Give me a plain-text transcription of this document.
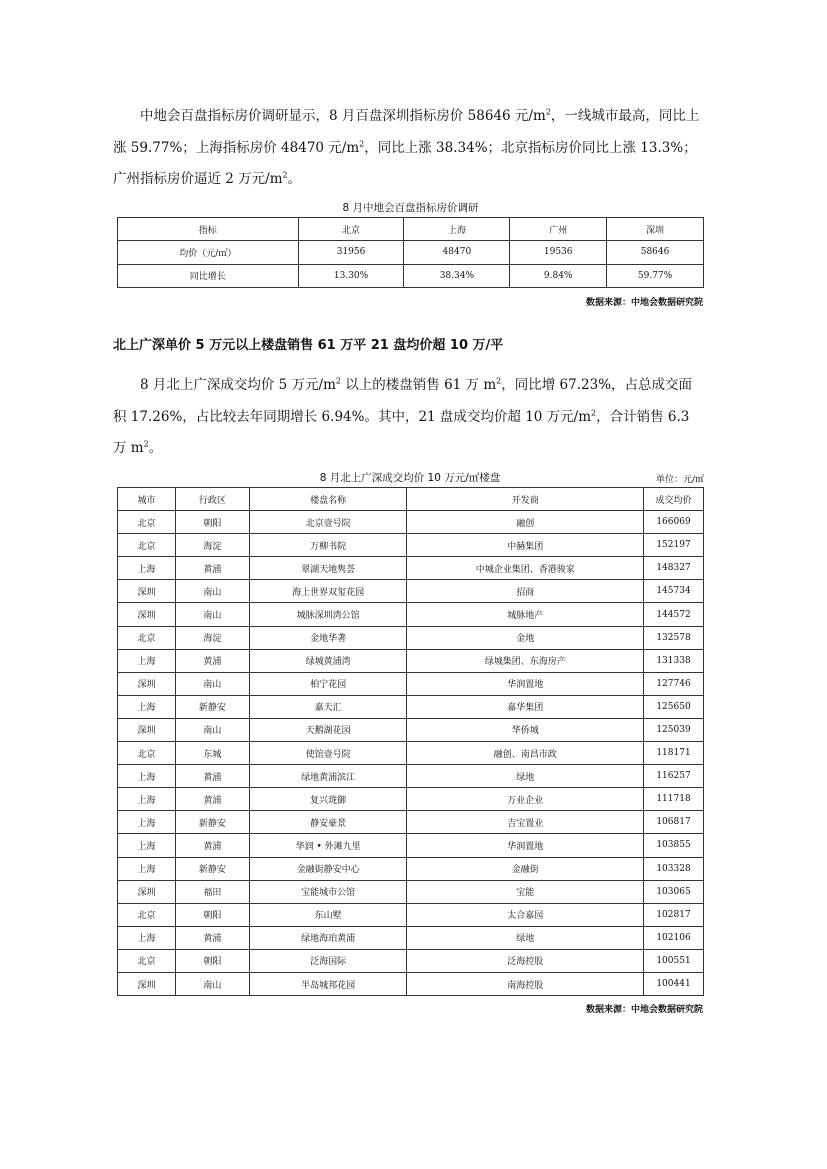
中地会百盘指标房价调研显示，8 月百盘深圳指标房价 58646 元$/m^2$，一线城市最高，同比上涨 59.77%；上海指标房价 48470 元$/m^2$，同比上涨 38.34%；北京指标房价同比上涨 13.3%；广州指标房价逼近 2 万元$/m^2$。

8 月中地会百盘指标房价调研
指标	北京	上海	广州	深圳
均价（元/㎡）	31956	48470	19536	58646
同比增长	13.30%	38.34%	9.84%	59.77%
数据来源：中地会数据研究院
北上广深单价 5 万元以上楼盘销售 61 万平 21 盘均价超 10 万/平

8 月北上广深成交均价 5 万元$/m^2$ 以上的楼盘销售 61 万 $m^2$，同比增 67.23%，占总成交面积 17.26%，占比较去年同期增长 6.94%。其中，21 盘成交均价超 10 万元$/m^2$，合计销售 6.3 万 $m^2$。

8 月北上广深成交均价 10 万元/㎡楼盘	单位：元/㎡
城市	行政区	楼盘名称	开发商	成交均价
北京	朝阳	北京壹号院	融创	166069
北京	海淀	万柳书院	中赫集团	152197
上海	黄浦	翠湖天地隽荟	中城企业集团、香港骏家	148327
深圳	南山	海上世界双玺花园	招商	145734
深圳	南山	城脉深圳湾公馆	城脉地产	144572
北京	海淀	金地华著	金地	132578
上海	黄浦	绿城黄浦湾	绿城集团、东海房产	131338
深圳	南山	柏宁花园	华润置地	127746
上海	新静安	嘉天汇	嘉华集团	125650
深圳	南山	天鹅湖花园	华侨城	125039
北京	东城	使馆壹号院	融创、南昌市政	118171
上海	黄浦	绿地黄浦滨江	绿地	116257
上海	黄浦	复兴珑御	万业企业	111718
上海	新静安	静安豪景	吉宝置业	106817
上海	黄浦	华润 • 外滩九里	华润置地	103855
上海	新静安	金融街静安中心	金融街	103328
深圳	福田	宝能城市公馆	宝能	103065
北京	朝阳	东山墅	太合嘉园	102817
上海	黄浦	绿地海珀黄浦	绿地	102106
北京	朝阳	泛海国际	泛海控股	100551
深圳	南山	半岛城邦花园	南海控股	100441
数据来源：中地会数据研究院
